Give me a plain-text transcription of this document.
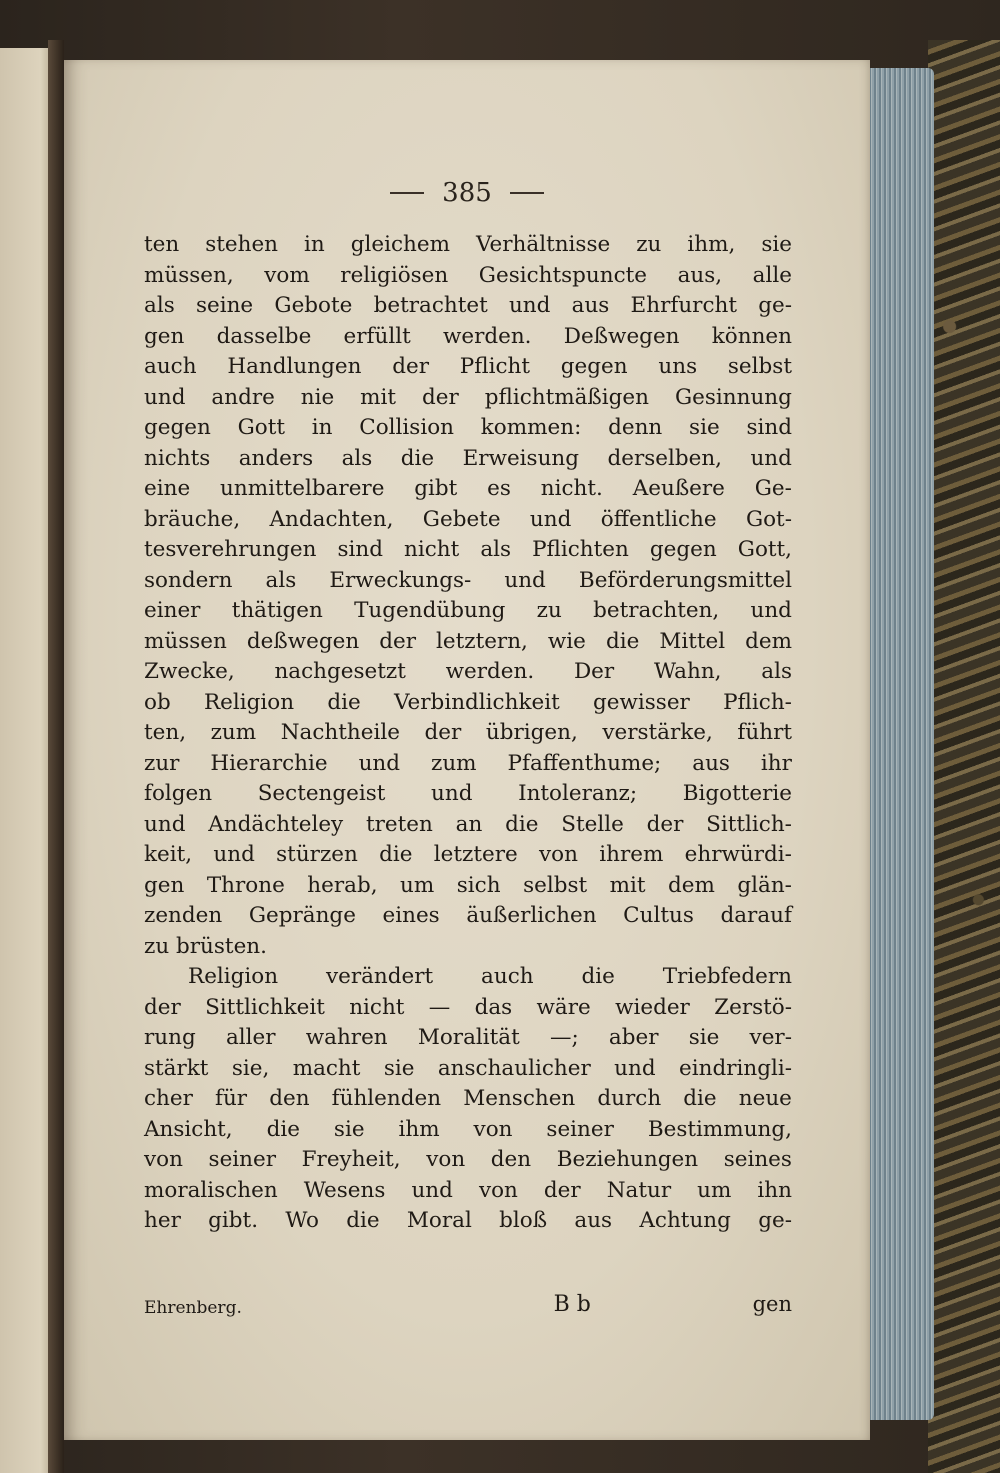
385
ten stehen in gleichem Verhältnisse zu ihm, sie
müssen, vom religiösen Gesichtspuncte aus, alle
als seine Gebote betrachtet und aus Ehrfurcht ge-
gen dasselbe erfüllt werden. Deßwegen können
auch Handlungen der Pflicht gegen uns selbst
und andre nie mit der pflichtmäßigen Gesinnung
gegen Gott in Collision kommen: denn sie sind
nichts anders als die Erweisung derselben, und
eine unmittelbarere gibt es nicht. Aeußere Ge-
bräuche, Andachten, Gebete und öffentliche Got-
tesverehrungen sind nicht als Pflichten gegen Gott,
sondern als Erweckungs- und Beförderungsmittel
einer thätigen Tugendübung zu betrachten, und
müssen deßwegen der letztern, wie die Mittel dem
Zwecke, nachgesetzt werden. Der Wahn, als
ob Religion die Verbindlichkeit gewisser Pflich-
ten, zum Nachtheile der übrigen, verstärke, führt
zur Hierarchie und zum Pfaffenthume; aus ihr
folgen Sectengeist und Intoleranz; Bigotterie
und Andächteley treten an die Stelle der Sittlich-
keit, und stürzen die letztere von ihrem ehrwürdi-
gen Throne herab, um sich selbst mit dem glän-
zenden Gepränge eines äußerlichen Cultus darauf
zu brüsten.
Religion verändert auch die Triebfedern
der Sittlichkeit nicht — das wäre wieder Zerstö-
rung aller wahren Moralität —; aber sie ver-
stärkt sie, macht sie anschaulicher und eindringli-
cher für den fühlenden Menschen durch die neue
Ansicht, die sie ihm von seiner Bestimmung,
von seiner Freyheit, von den Beziehungen seines
moralischen Wesens und von der Natur um ihn
her gibt. Wo die Moral bloß aus Achtung ge-
Ehrenberg.	B b	gen
